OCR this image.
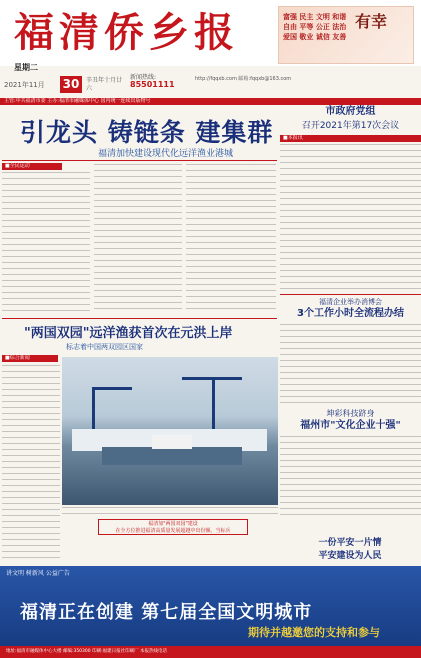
福清侨乡报	富强 民主 文明 和谐
自由 平等 公正 法治
爱国 敬业 诚信 友善
有幸
星期二
2021年11月 30	辛丑年十月廿六
新闻热线:
85501111
http://fqqxb.com 邮箱:fqqxb@163.com
主管:中共福清市委 主办:福清市融媒体中心 国内统一连续出版物号
引龙头 铸链条 建集群
福清加快建设现代化远洋渔业港城
■全民运动
市政府党组
召开2021年第17次会议
■本报讯
福清企业举办消博会
3个工作小时全流程办结
坤彩科技跻身
福州市"文化企业十强"
"两国双园"远洋渔获首次在元洪上岸
标志着中国两双园区国家
■综合新闻
福清加"两国双园"建设
在全方位推进福清高质量发展超越中出份额、当标兵
一份平安一片情
平安建设为人民
讲文明 树新风 公益广告
福清正在创建 第七届全国文明城市
期待并越邀您的支持和参与
地址:福清市融媒体中心大楼 邮编:350300 印刷:福建日报社印刷厂 本报热线电话
